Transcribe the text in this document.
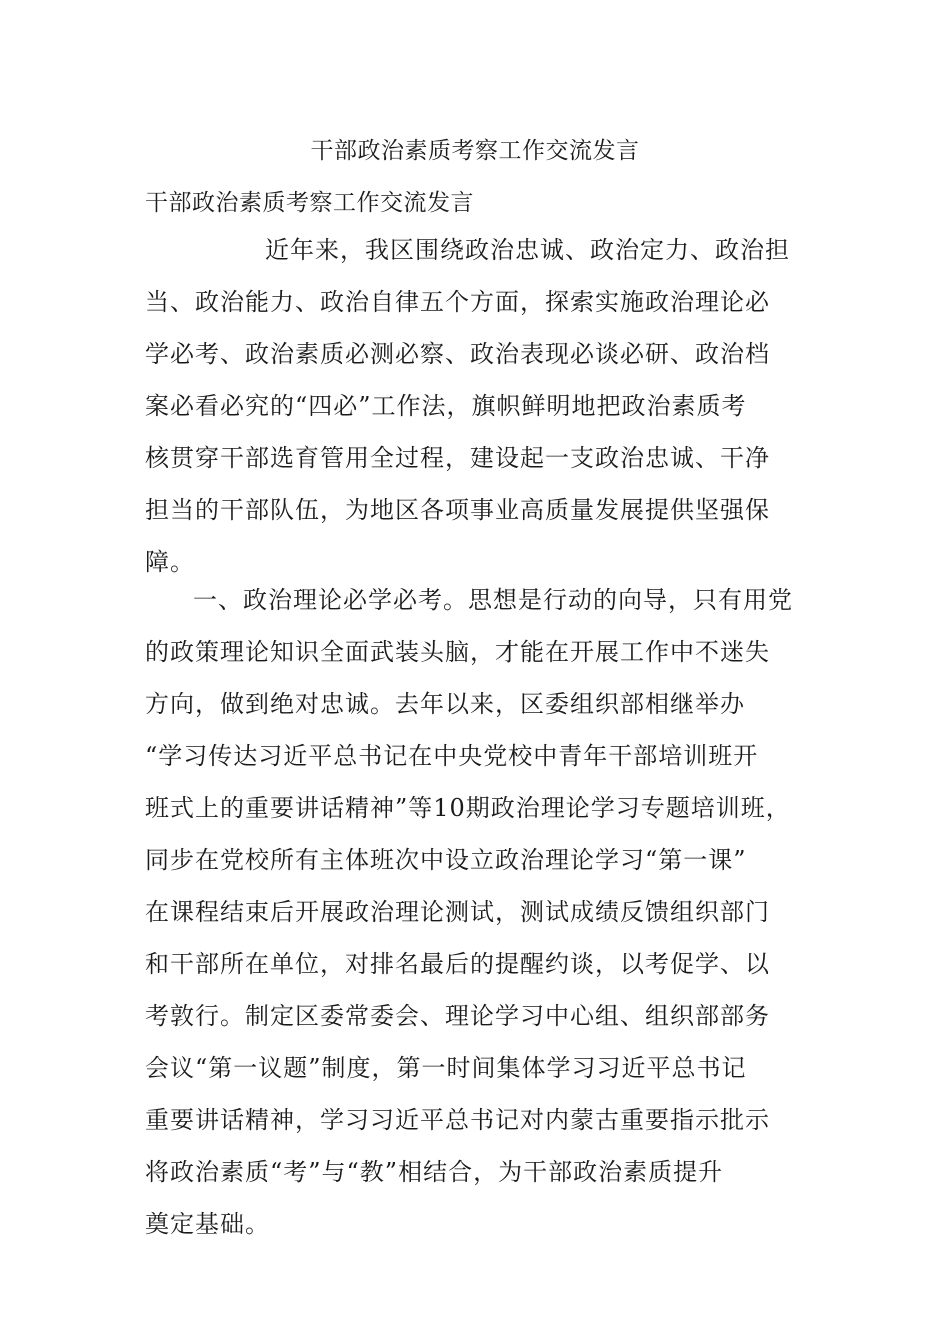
干部政治素质考察工作交流发言
干部政治素质考察工作交流发言
近年来，我区围绕政治忠诚、政治定力、政治担
当、政治能力、政治自律五个方面，探索实施政治理论必
学必考、政治素质必测必察、政治表现必谈必研、政治档
案必看必究的“四必”工作法，旗帜鲜明地把政治素质考
核贯穿干部选育管用全过程，建设起一支政治忠诚、干净
担当的干部队伍，为地区各项事业高质量发展提供坚强保
障。
一、政治理论必学必考。思想是行动的向导，只有用党
的政策理论知识全面武装头脑，才能在开展工作中不迷失
方向，做到绝对忠诚。去年以来，区委组织部相继举办
“学习传达习近平总书记在中央党校中青年干部培训班开
班式上的重要讲话精神”等10期政治理论学习专题培训班，
同步在党校所有主体班次中设立政治理论学习“第一课”
在课程结束后开展政治理论测试，测试成绩反馈组织部门
和干部所在单位，对排名最后的提醒约谈，以考促学、以
考敦行。制定区委常委会、理论学习中心组、组织部部务
会议“第一议题”制度，第一时间集体学习习近平总书记
重要讲话精神，学习习近平总书记对内蒙古重要指示批示
将政治素质“考”与“教”相结合，为干部政治素质提升
奠定基础。
